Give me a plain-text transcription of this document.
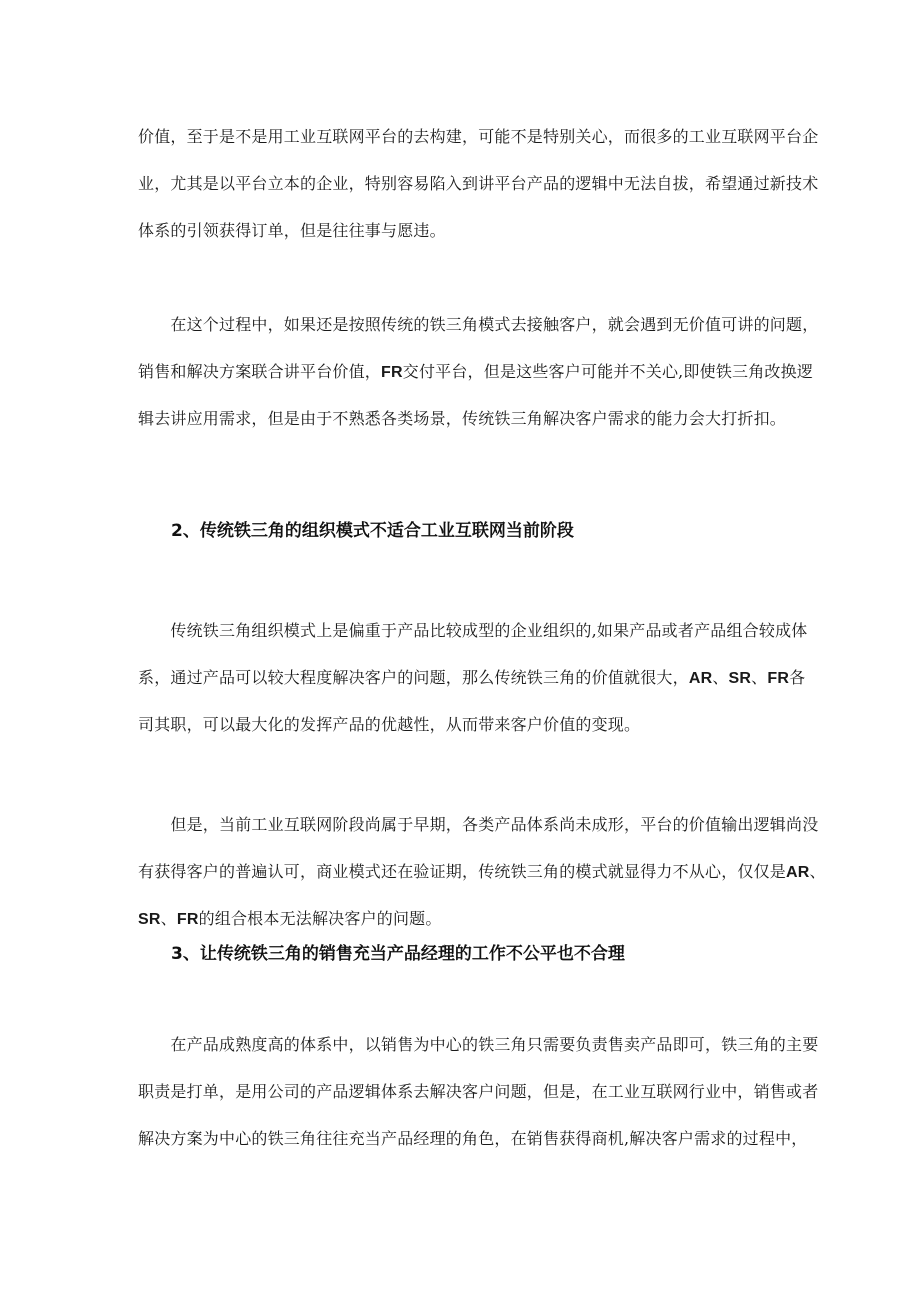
价值，至于是不是用工业互联网平台的去构建，可能不是特别关心，而很多的工业互联网平台企
业，尤其是以平台立本的企业，特别容易陷入到讲平台产品的逻辑中无法自拔，希望通过新技术
体系的引领获得订单，但是往往事与愿违。
　　在这个过程中，如果还是按照传统的铁三角模式去接触客户，就会遇到无价值可讲的问题，
销售和解决方案联合讲平台价值，FR交付平台，但是这些客户可能并不关心,即使铁三角改换逻
辑去讲应用需求，但是由于不熟悉各类场景，传统铁三角解决客户需求的能力会大打折扣。
2、传统铁三角的组织模式不适合工业互联网当前阶段
　　传统铁三角组织模式上是偏重于产品比较成型的企业组织的,如果产品或者产品组合较成体
系，通过产品可以较大程度解决客户的问题，那么传统铁三角的价值就很大，AR、SR、FR各
司其职，可以最大化的发挥产品的优越性，从而带来客户价值的变现。
　　但是，当前工业互联网阶段尚属于早期，各类产品体系尚未成形，平台的价值输出逻辑尚没
有获得客户的普遍认可，商业模式还在验证期，传统铁三角的模式就显得力不从心，仅仅是AR、
SR、FR的组合根本无法解决客户的问题。
3、让传统铁三角的销售充当产品经理的工作不公平也不合理
　　在产品成熟度高的体系中，以销售为中心的铁三角只需要负责售卖产品即可，铁三角的主要
职责是打单，是用公司的产品逻辑体系去解决客户问题，但是，在工业互联网行业中，销售或者
解决方案为中心的铁三角往往充当产品经理的角色，在销售获得商机,解决客户需求的过程中，
